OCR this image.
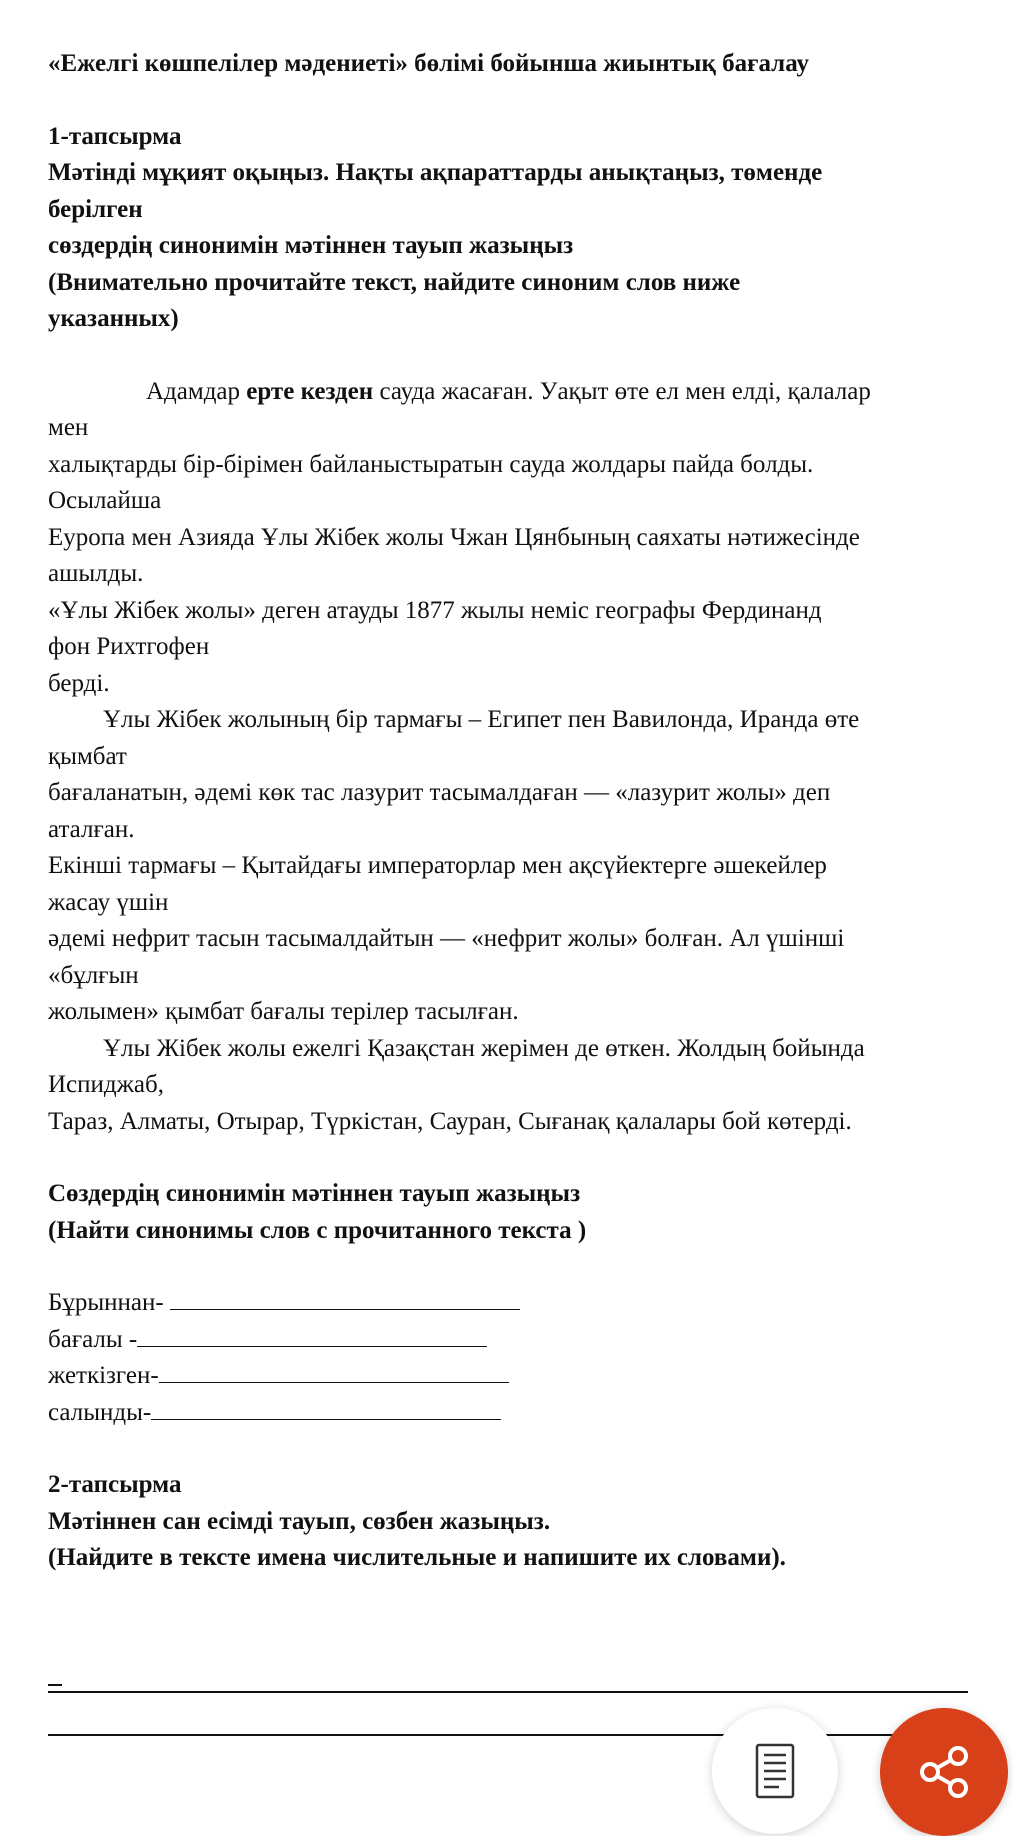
«Ежелгі көшпелілер мәдениеті» бөлімі бойынша жиынтық бағалау
1-тапсырма
Мәтінді мұқият оқыңыз. Нақты ақпараттарды анықтаңыз, төменде
берілген
сөздердің синонимін мәтіннен тауып жазыңыз
(Внимательно прочитайте текст, найдите синоним слов ниже
указанных)
Адамдар ерте кезден сауда жасаған. Уақыт өте ел мен елді, қалалар
мен
халықтарды бір-бірімен байланыстыратын сауда жолдары пайда болды.
Осылайша
Еуропа мен Азияда Ұлы Жібек жолы Чжан Цянбының саяхаты нәтижесінде
ашылды.
«Ұлы Жібек жолы» деген атауды 1877 жылы неміс географы Фердинанд
фон Рихтгофен
берді.
Ұлы Жібек жолының бір тармағы – Египет пен Вавилонда, Иранда өте
қымбат
бағаланатын, әдемі көк тас лазурит тасымалдаған — «лазурит жолы» деп
аталған.
Екінші тармағы – Қытайдағы императорлар мен ақсүйектерге әшекейлер
жасау үшін
әдемі нефрит тасын тасымалдайтын — «нефрит жолы» болған. Ал үшінші
«бұлғын
жолымен» қымбат бағалы терілер тасылған.
Ұлы Жібек жолы ежелгі Қазақстан жерімен де өткен. Жолдың бойында
Испиджаб,
Тараз, Алматы, Отырар, Түркістан, Сауран, Сығанақ қалалары бой көтерді.
Сөздердің синонимін мәтіннен тауып жазыңыз
(Найти синонимы слов с прочитанного текста )
Бұрыннан-
бағалы -
жеткізген-
салынды-
2-тапсырма
Мәтіннен сан есімді тауып, сөзбен жазыңыз.
(Найдите в тексте имена числительные и напишите их словами).
